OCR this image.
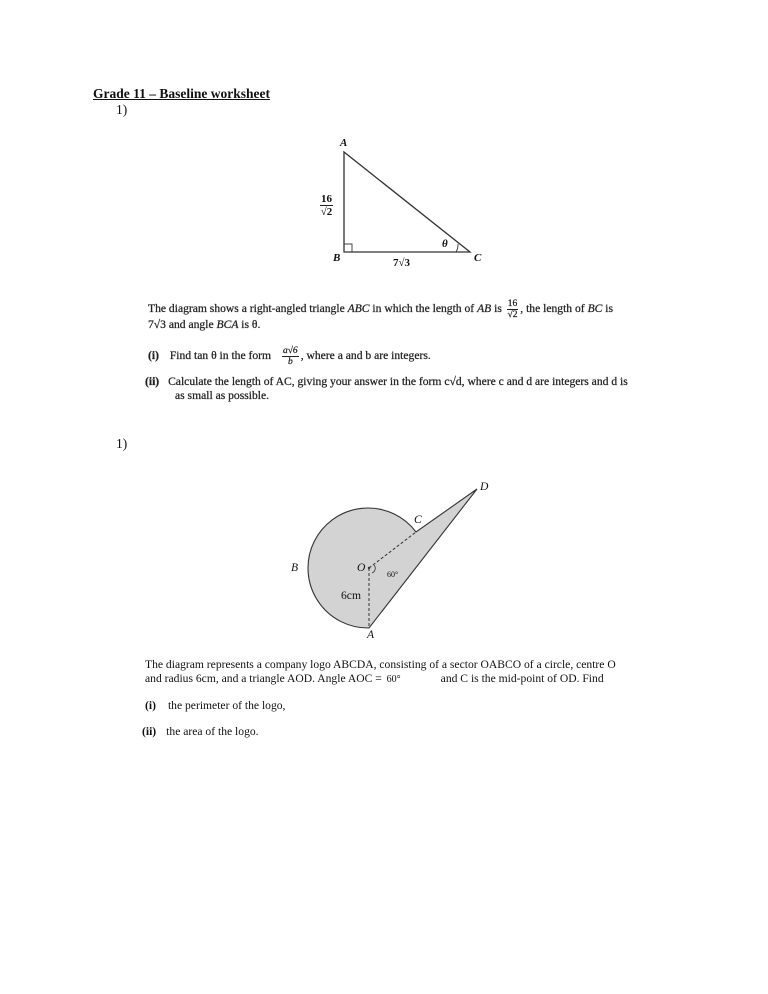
Grade 11 – Baseline worksheet
1)
A
B	C
θ
$\frac{16}{√2}$
7√3
The diagram shows a right-angled triangle ABC in which the length of AB is $\frac{16}{√2}$ , the length of BC is
7√3 and angle BCA is θ.
(i) Find tan θ in the form $\frac{a√6}{b}$ , where a and b are integers.
(ii) Calculate the length of AC, giving your answer in the form c√d, where c and d are integers and d is
as small as possible.
1)
A
B
C
D
O
6cm
60°
The diagram represents a company logo ABCDA, consisting of a sector OABCO of a circle, centre O
and radius 6cm, and a triangle AOD. Angle AOC = 60°	and C is the mid-point of OD. Find
(i) the perimeter of the logo,
(ii) the area of the logo.
